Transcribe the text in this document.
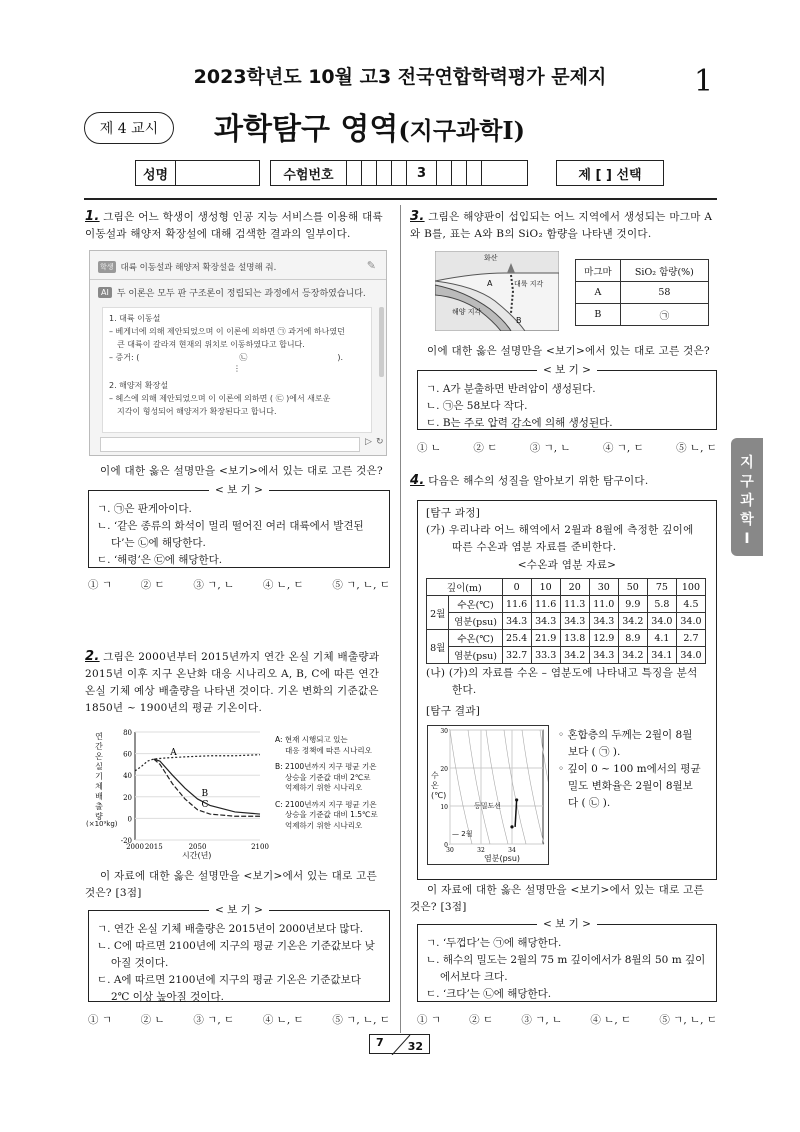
2023학년도 10월 고3 전국연합학력평가 문제지	1
제 4 교시	과학탐구 영역(지구과학Ⅰ)
성명	수험번호	3	제 [ ] 선택
1. 그림은 어느 학생이 생성형 인공 지능 서비스를 이용해 대륙
이동설과 해양저 확장설에 대해 검색한 결과의 일부이다.
학생 대륙 이동설과 해양저 확장설을 설명해 줘.	✎
AI 두 이론은 모두 판 구조론이 정립되는 과정에서 등장하였습니다.
1. 대륙 이동설
– 베게너에 의해 제안되었으며 이 이론에 의하면 ㉠ 과거에 하나였던
큰 대륙이 갈라져 현재의 위치로 이동하였다고 합니다.
– 증거: (	㉡	).
⋮
2. 해양저 확장설
– 헤스에 의해 제안되었으며 이 이론에 의하면 ( ㉢ )에서 새로운
지각이 형성되어 해양저가 확장된다고 합니다.
▷ ↻
이에 대한 옳은 설명만을 <보기>에서 있는 대로 고른 것은?
< 보 기 >
ㄱ. ㉠은 판게아이다.
ㄴ. ‘같은 종류의 화석이 멀리 떨어진 여러 대륙에서 발견된
다’는 ㉡에 해당한다.
ㄷ. ‘해령’은 ㉢에 해당한다.
① ㄱ	② ㄷ	③ ㄱ, ㄴ	④ ㄴ, ㄷ	⑤ ㄱ, ㄴ, ㄷ
2. 그림은 2000년부터 2015년까지 연간 온실 기체 배출량과
2015년 이후 지구 온난화 대응 시나리오 A, B, C에 따른 연간
온실 기체 예상 배출량을 나타낸 것이다. 기온 변화의 기준값은
1850년 ~ 1900년의 평균 기온이다.
-20
0
20
40
60
80
2000 2015	2050	2100
A
B
C
연간 온실 기체 배출량
(×10⁹kg)
시간(년)
A: 현재 시행되고 있는
대응 정책에 따른 시나리오
B: 2100년까지 지구 평균 기온
상승을 기준값 대비 2℃로
억제하기 위한 시나리오
C: 2100년까지 지구 평균 기온
상승을 기준값 대비 1.5℃로
억제하기 위한 시나리오
이 자료에 대한 옳은 설명만을 <보기>에서 있는 대로 고른
것은? [3점]
< 보 기 >
ㄱ. 연간 온실 기체 배출량은 2015년이 2000년보다 많다.
ㄴ. C에 따르면 2100년에 지구의 평균 기온은 기준값보다 낮
아질 것이다.
ㄷ. A에 따르면 2100년에 지구의 평균 기온은 기준값보다
2℃ 이상 높아질 것이다.
① ㄱ	② ㄴ	③ ㄱ, ㄷ	④ ㄴ, ㄷ	⑤ ㄱ, ㄴ, ㄷ
3. 그림은 해양판이 섭입되는 어느 지역에서 생성되는 마그마 A
와 B를, 표는 A와 B의 SiO₂ 함량을 나타낸 것이다.
화산
대륙 지각
해양 지각
A
B
마그마	SiO₂ 함량(%)
A	58
B	㉠
이에 대한 옳은 설명만을 <보기>에서 있는 대로 고른 것은?
< 보 기 >
ㄱ. A가 분출하면 반려암이 생성된다.
ㄴ. ㉠은 58보다 작다.
ㄷ. B는 주로 압력 감소에 의해 생성된다.
① ㄴ	② ㄷ	③ ㄱ, ㄴ	④ ㄱ, ㄷ	⑤ ㄴ, ㄷ
4. 다음은 해수의 성질을 알아보기 위한 탐구이다.
[탐구 과정]
(가) 우리나라 어느 해역에서 2월과 8월에 측정한 깊이에
따른 수온과 염분 자료를 준비한다.
<수온과 염분 자료>
깊이(m)		0	10	20	30	50	75	100
2월	수온(℃)	11.6	11.6	11.3	11.0	9.9	5.8	4.5
	염분(psu)	34.3	34.3	34.3	34.3	34.2	34.0	34.0
8월	수온(℃)	25.4	21.9	13.8	12.9	8.9	4.1	2.7
	염분(psu)	32.7	33.3	34.2	34.3	34.2	34.1	34.0
(나) (가)의 자료를 수온 – 염분도에 나타내고 특징을 분석
한다.
[탐구 결과]
0
10
20
30
30	32	34
수온(℃)
염분(psu)
— 2월
등밀도선
◦ 혼합층의 두께는 2월이 8월
보다 ( ㉠ ).
◦ 깊이 0 ~ 100 m에서의 평균
밀도 변화율은 2월이 8월보
다 ( ㉡ ).
이 자료에 대한 옳은 설명만을 <보기>에서 있는 대로 고른
것은? [3점]
< 보 기 >
ㄱ. ‘두껍다’는 ㉠에 해당한다.
ㄴ. 해수의 밀도는 2월의 75 m 깊이에서가 8월의 50 m 깊이
에서보다 크다.
ㄷ. ‘크다’는 ㉡에 해당한다.
① ㄱ	② ㄷ	③ ㄱ, ㄴ	④ ㄴ, ㄷ	⑤ ㄱ, ㄴ, ㄷ
지
구
과
학
Ⅰ
7 32
